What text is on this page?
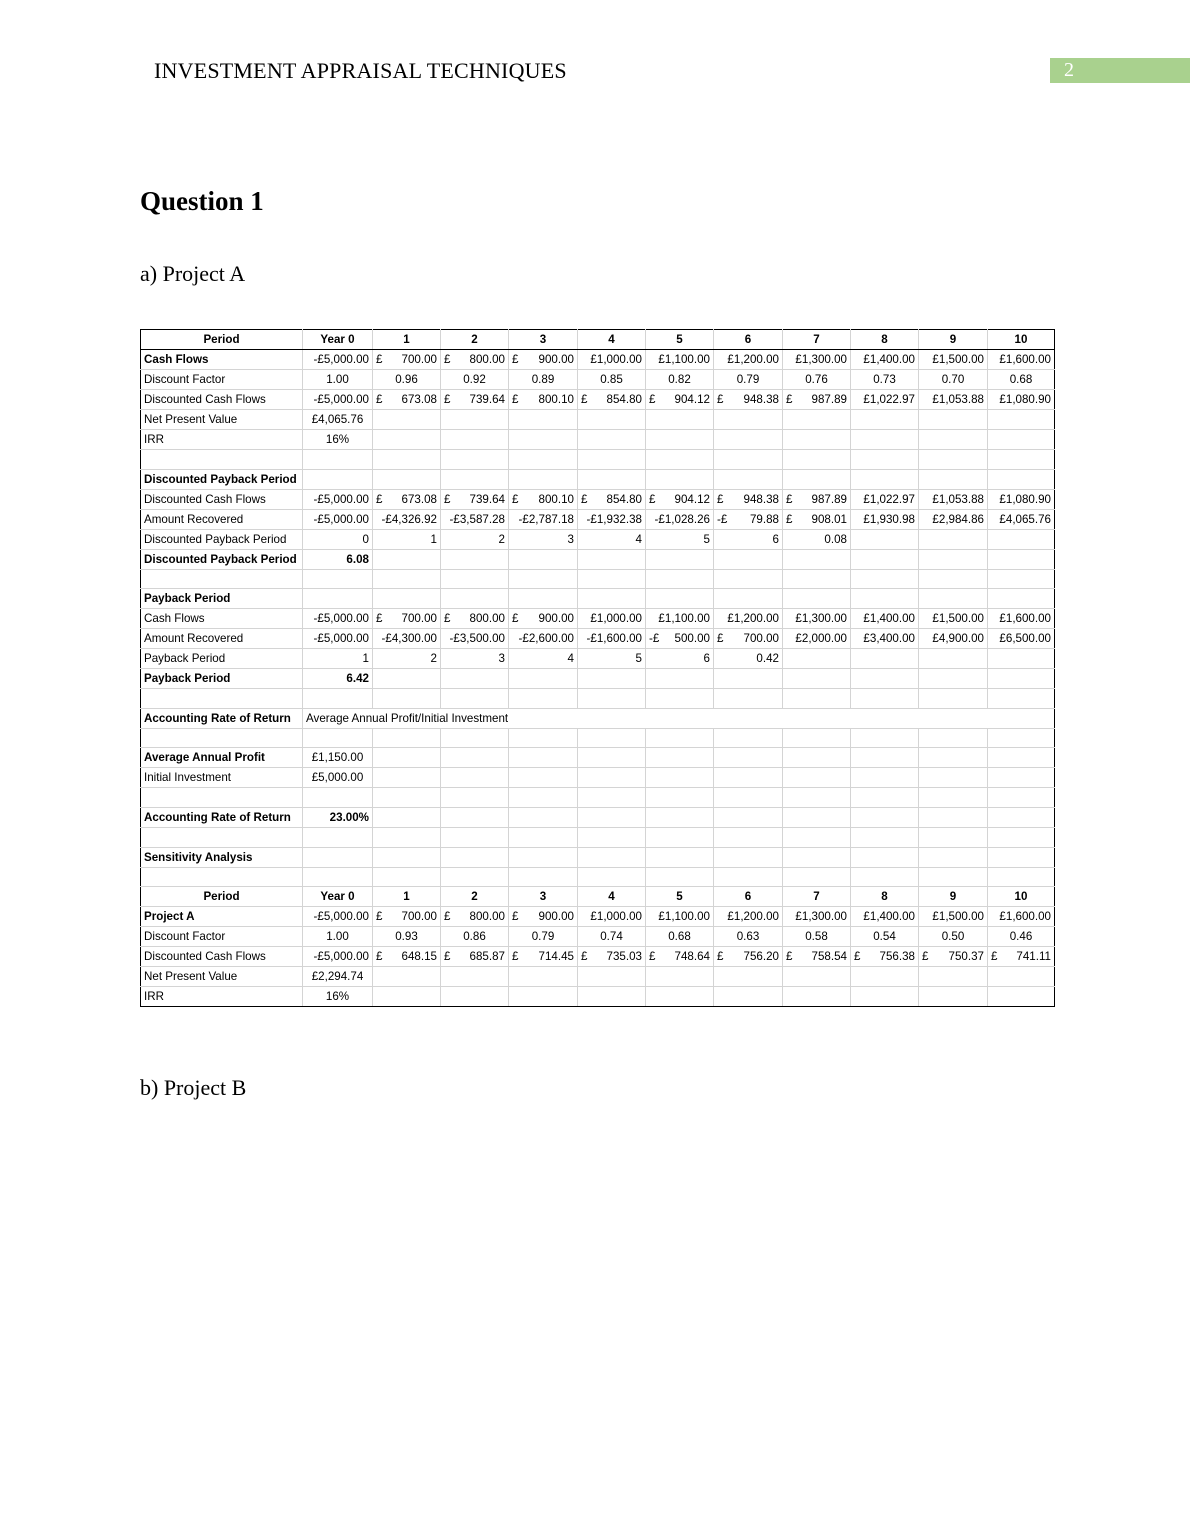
INVESTMENT APPRAISAL TECHNIQUES	2
Question 1
a) Project A
Period	Year 0	1	2	3	4	5	6	7	8	9	10
Cash Flows	-£5,000.00	£ 700.00	£ 800.00	£ 900.00	£1,000.00	£1,100.00	£1,200.00	£1,300.00	£1,400.00	£1,500.00	£1,600.00
Discount Factor	1.00	0.96	0.92	0.89	0.85	0.82	0.79	0.76	0.73	0.70	0.68
Discounted Cash Flows	-£5,000.00	£ 673.08	£ 739.64	£ 800.10	£ 854.80	£ 904.12	£ 948.38	£ 987.89	£1,022.97	£1,053.88	£1,080.90
Net Present Value	£4,065.76										
IRR	16%										

Discounted Payback Period											
Discounted Cash Flows	-£5,000.00	£ 673.08	£ 739.64	£ 800.10	£ 854.80	£ 904.12	£ 948.38	£ 987.89	£1,022.97	£1,053.88	£1,080.90
Amount Recovered	-£5,000.00	-£4,326.92	-£3,587.28	-£2,787.18	-£1,932.38	-£1,028.26	-£ 79.88	£ 908.01	£1,930.98	£2,984.86	£4,065.76
Discounted Payback Period	0	1	2	3	4	5	6	0.08			
Discounted Payback Period	6.08										

Payback Period											
Cash Flows	-£5,000.00	£ 700.00	£ 800.00	£ 900.00	£1,000.00	£1,100.00	£1,200.00	£1,300.00	£1,400.00	£1,500.00	£1,600.00
Amount Recovered	-£5,000.00	-£4,300.00	-£3,500.00	-£2,600.00	-£1,600.00	-£ 500.00	£ 700.00	£2,000.00	£3,400.00	£4,900.00	£6,500.00
Payback Period	1	2	3	4	5	6	0.42				
Payback Period	6.42										

Accounting Rate of Return	Average Annual Profit/Initial Investment										

Average Annual Profit	£1,150.00										
Initial Investment	£5,000.00										

Accounting Rate of Return	23.00%										

Sensitivity Analysis											

Period	Year 0	1	2	3	4	5	6	7	8	9	10
Project A	-£5,000.00	£ 700.00	£ 800.00	£ 900.00	£1,000.00	£1,100.00	£1,200.00	£1,300.00	£1,400.00	£1,500.00	£1,600.00
Discount Factor	1.00	0.93	0.86	0.79	0.74	0.68	0.63	0.58	0.54	0.50	0.46
Discounted Cash Flows	-£5,000.00	£ 648.15	£ 685.87	£ 714.45	£ 735.03	£ 748.64	£ 756.20	£ 758.54	£ 756.38	£ 750.37	£ 741.11

Net Present Value	£2,294.74										
IRR	16%										
b) Project B
